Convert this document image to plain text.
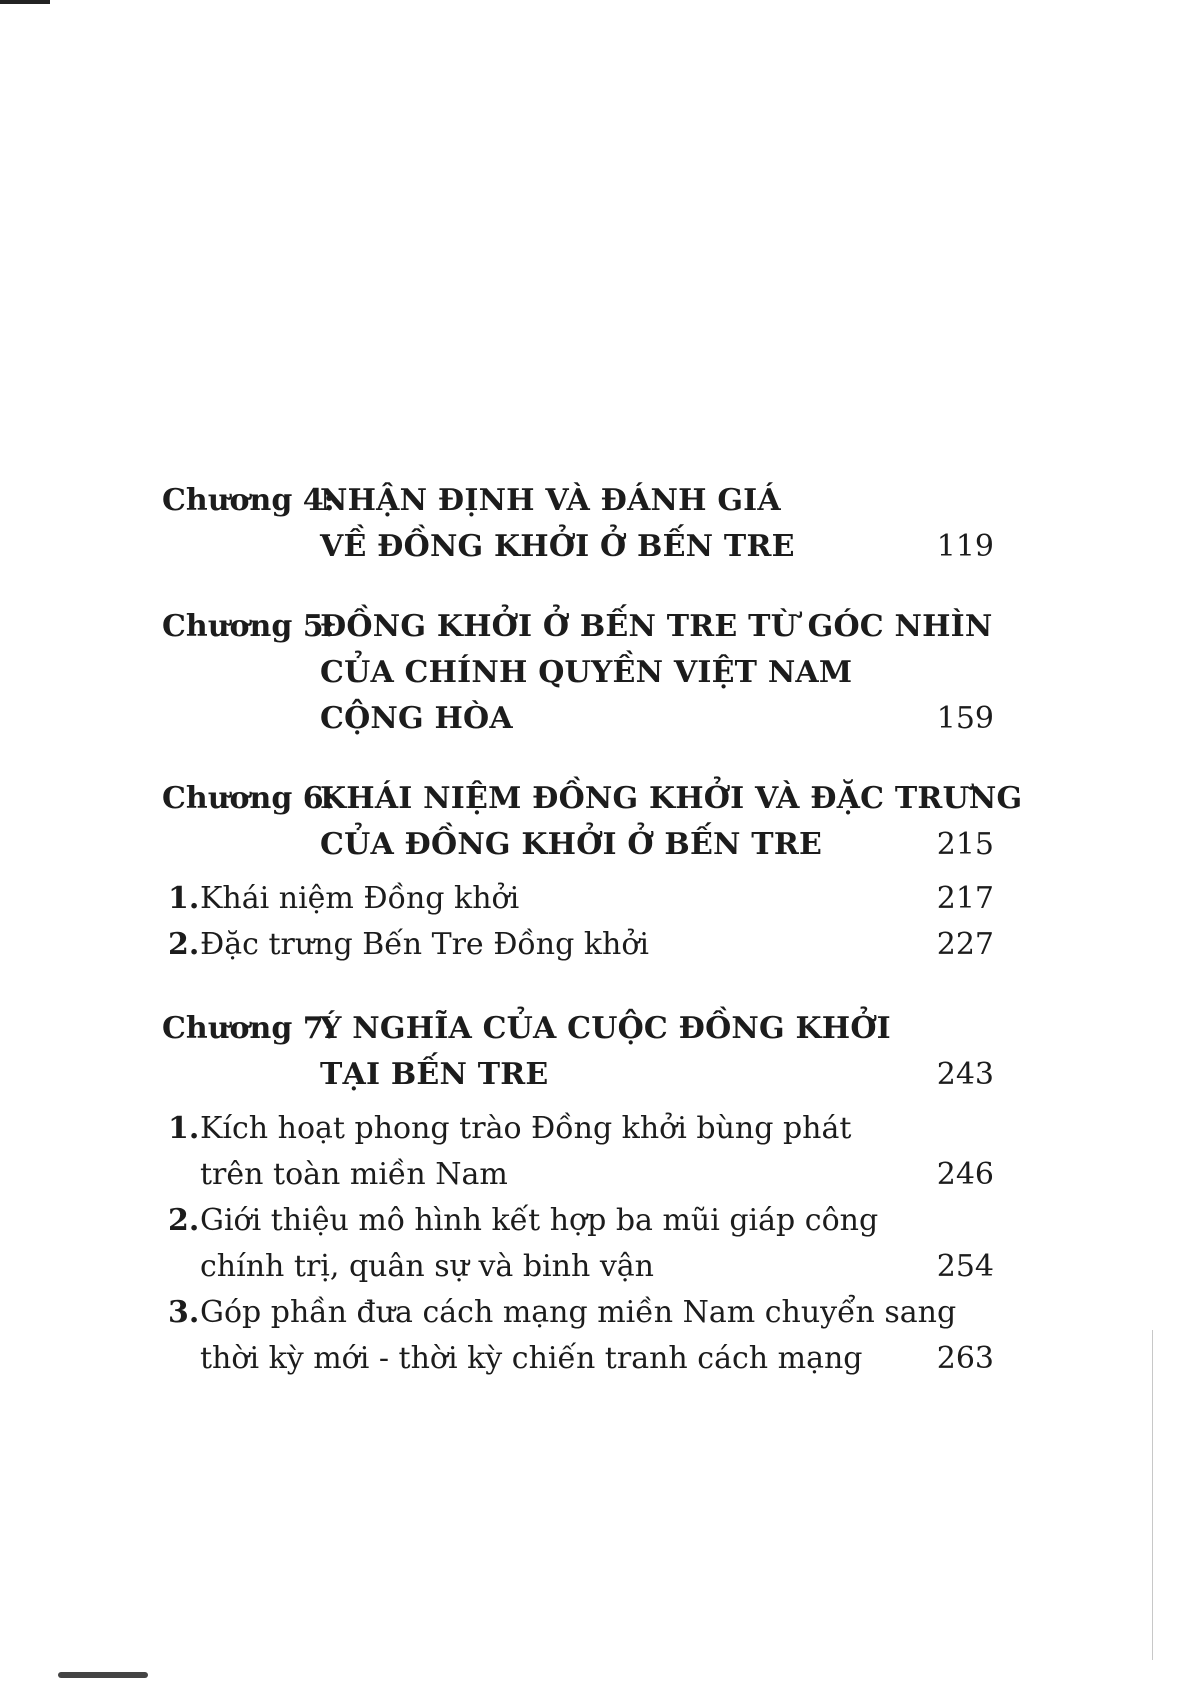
Chương 4:
NHẬN ĐỊNH VÀ ĐÁNH GIÁ
VỀ ĐỒNG KHỞI Ở BẾN TRE	119
Chương 5:
ĐỒNG KHỞI Ở BẾN TRE TỪ GÓC NHÌN
CỦA CHÍNH QUYỀN VIỆT NAM
CỘNG HÒA	159
Chương 6:
KHÁI NIỆM ĐỒNG KHỞI VÀ ĐẶC TRƯNG
CỦA ĐỒNG KHỞI Ở BẾN TRE	215
1. Khái niệm Đồng khởi	217
2. Đặc trưng Bến Tre Đồng khởi	227
Chương 7:
Ý NGHĨA CỦA CUỘC ĐỒNG KHỞI
TẠI BẾN TRE	243
1. Kích hoạt phong trào Đồng khởi bùng phát
trên toàn miền Nam	246
2. Giới thiệu mô hình kết hợp ba mũi giáp công
chính trị, quân sự và binh vận	254
3. Góp phần đưa cách mạng miền Nam chuyển sang
thời kỳ mới - thời kỳ chiến tranh cách mạng 263
